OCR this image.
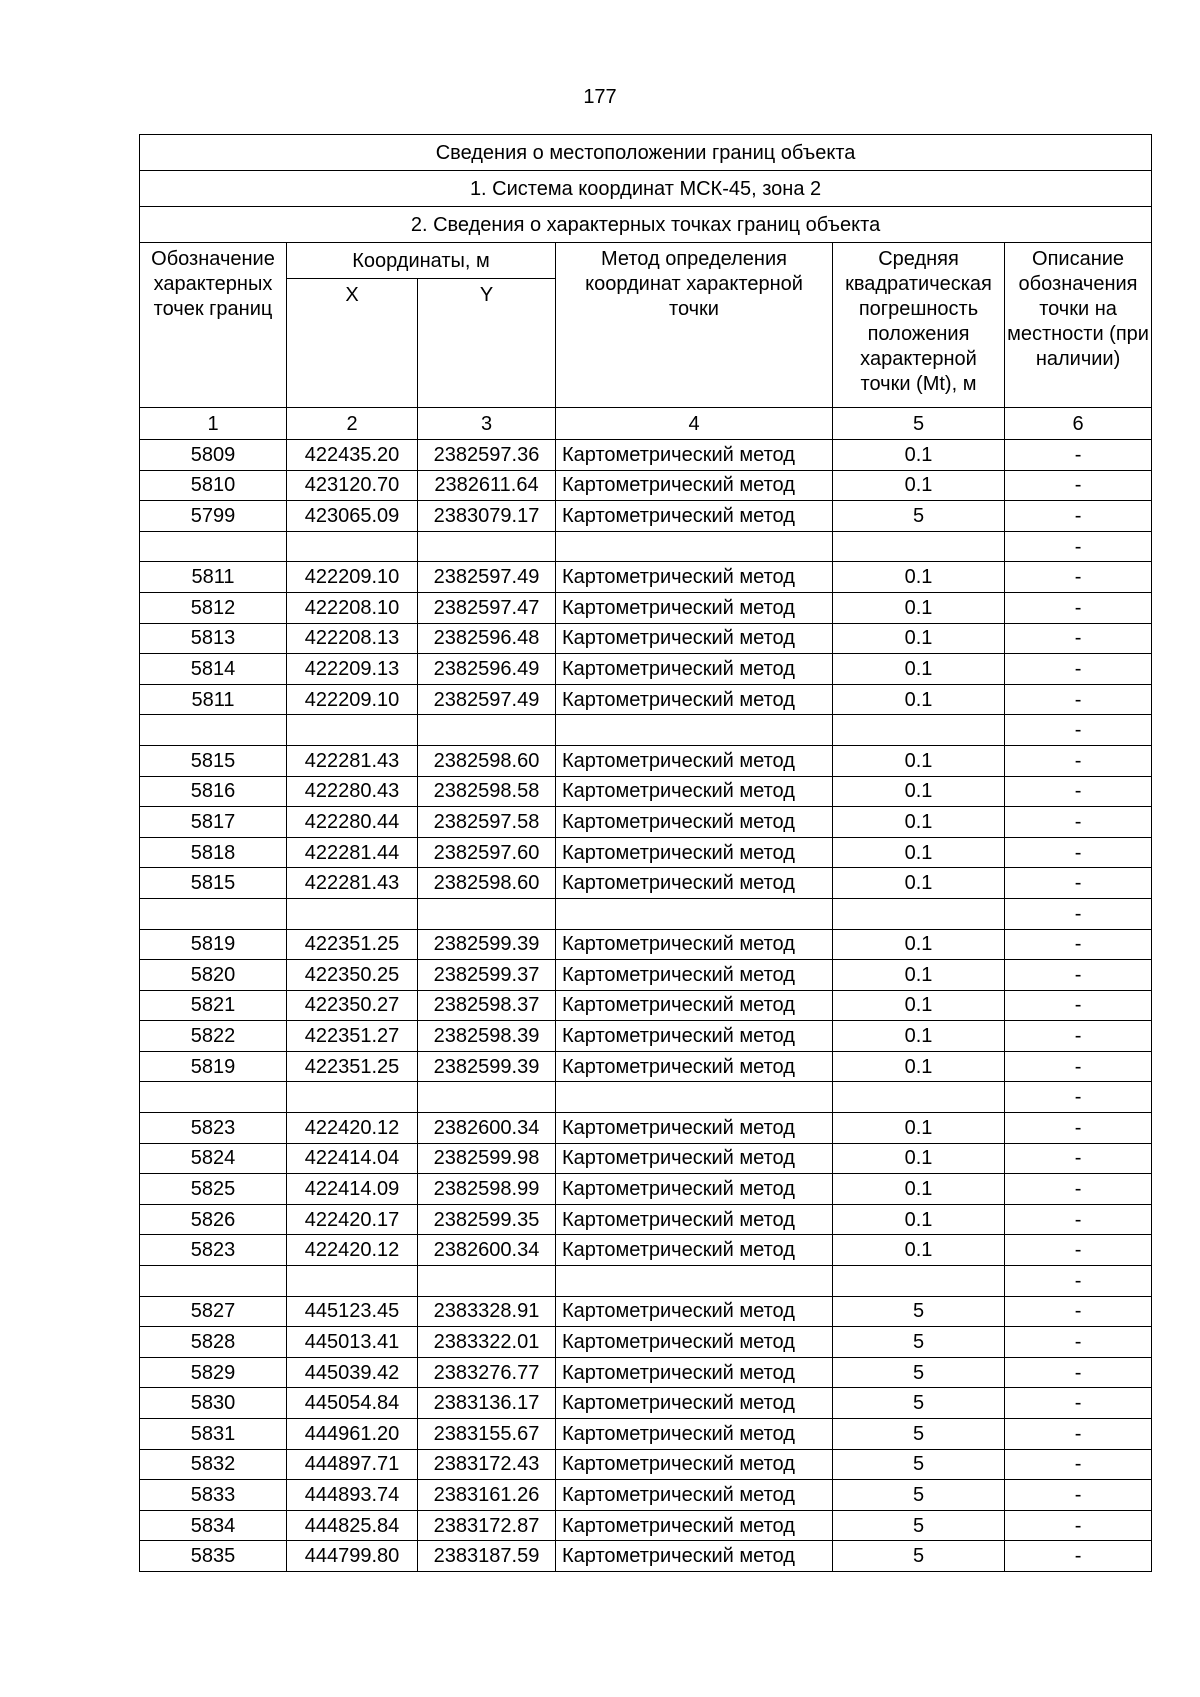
177
Сведения о местоположении границ объекта					
1. Система координат МСК-45, зона 2					
2. Сведения о характерных точках границ объекта					

Обозначение характерных точек границ	Координаты, м		Метод определения координат характерной точки	Средняя квадратическая погрешность положения характерной точки (Mt), м	Описание обозначения точки на местности (при наличии)

	X	Y			

1	2	3	4	5	6
5809	422435.20	2382597.36	Картометрический метод	0.1	-
5810	423120.70	2382611.64	Картометрический метод	0.1	-
5799	423065.09	2383079.17	Картометрический метод	5	-
					-
5811	422209.10	2382597.49	Картометрический метод	0.1	-
5812	422208.10	2382597.47	Картометрический метод	0.1	-
5813	422208.13	2382596.48	Картометрический метод	0.1	-
5814	422209.13	2382596.49	Картометрический метод	0.1	-
5811	422209.10	2382597.49	Картометрический метод	0.1	-
					-
5815	422281.43	2382598.60	Картометрический метод	0.1	-
5816	422280.43	2382598.58	Картометрический метод	0.1	-
5817	422280.44	2382597.58	Картометрический метод	0.1	-
5818	422281.44	2382597.60	Картометрический метод	0.1	-
5815	422281.43	2382598.60	Картометрический метод	0.1	-
					-
5819	422351.25	2382599.39	Картометрический метод	0.1	-
5820	422350.25	2382599.37	Картометрический метод	0.1	-
5821	422350.27	2382598.37	Картометрический метод	0.1	-
5822	422351.27	2382598.39	Картометрический метод	0.1	-
5819	422351.25	2382599.39	Картометрический метод	0.1	-
					-
5823	422420.12	2382600.34	Картометрический метод	0.1	-
5824	422414.04	2382599.98	Картометрический метод	0.1	-
5825	422414.09	2382598.99	Картометрический метод	0.1	-
5826	422420.17	2382599.35	Картометрический метод	0.1	-
5823	422420.12	2382600.34	Картометрический метод	0.1	-
					-
5827	445123.45	2383328.91	Картометрический метод	5	-
5828	445013.41	2383322.01	Картометрический метод	5	-
5829	445039.42	2383276.77	Картометрический метод	5	-
5830	445054.84	2383136.17	Картометрический метод	5	-
5831	444961.20	2383155.67	Картометрический метод	5	-
5832	444897.71	2383172.43	Картометрический метод	5	-
5833	444893.74	2383161.26	Картометрический метод	5	-
5834	444825.84	2383172.87	Картометрический метод	5	-
5835	444799.80	2383187.59	Картометрический метод	5	-
